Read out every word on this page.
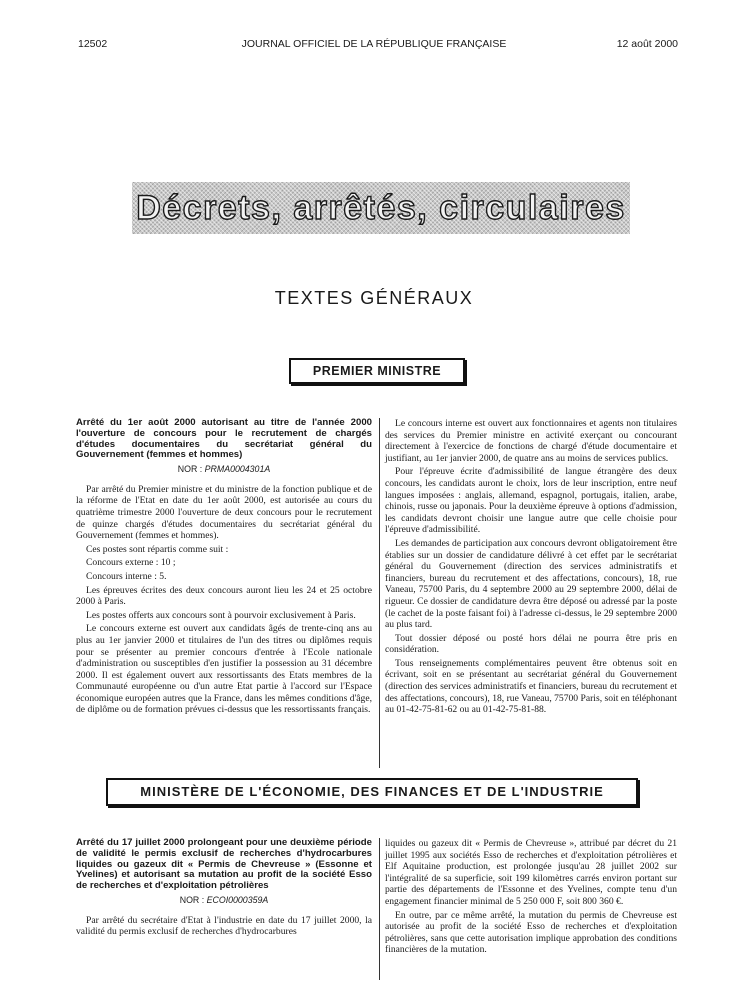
12502	JOURNAL OFFICIEL DE LA RÉPUBLIQUE FRANÇAISE	12 août 2000
Décrets, arrêtés, circulaires
TEXTES GÉNÉRAUX
PREMIER MINISTRE
Arrêté du 1er août 2000 autorisant au titre de l'année 2000 l'ouverture de concours pour le recrutement de chargés d'études documentaires du secrétariat général du Gouvernement (femmes et hommes)
NOR : PRMA0004301A

Par arrêté du Premier ministre et du ministre de la fonction publique et de la réforme de l'Etat en date du 1er août 2000, est autorisée au cours du quatrième trimestre 2000 l'ouverture de deux concours pour le recrutement de quinze chargés d'études documentaires du secrétariat général du Gouvernement (femmes et hommes).

Ces postes sont répartis comme suit :

Concours externe : 10 ;

Concours interne : 5.

Les épreuves écrites des deux concours auront lieu les 24 et 25 octobre 2000 à Paris.

Les postes offerts aux concours sont à pourvoir exclusivement à Paris.

Le concours externe est ouvert aux candidats âgés de trente-cinq ans au plus au 1er janvier 2000 et titulaires de l'un des titres ou diplômes requis pour se présenter au premier concours d'entrée à l'Ecole nationale d'administration ou susceptibles d'en justifier la possession au 31 décembre 2000. Il est également ouvert aux ressortissants des Etats membres de la Communauté européenne ou d'un autre Etat partie à l'accord sur l'Espace économique européen autres que la France, dans les mêmes conditions d'âge, de diplôme ou de formation prévues ci-dessus que les ressortissants français.

Le concours interne est ouvert aux fonctionnaires et agents non titulaires des services du Premier ministre en activité exerçant ou concourant directement à l'exercice de fonctions de chargé d'étude documentaire et justifiant, au 1er janvier 2000, de quatre ans au moins de services publics.

Pour l'épreuve écrite d'admissibilité de langue étrangère des deux concours, les candidats auront le choix, lors de leur inscription, entre neuf langues imposées : anglais, allemand, espagnol, portugais, italien, arabe, chinois, russe ou japonais. Pour la deuxième épreuve à options d'admission, les candidats devront choisir une langue autre que celle choisie pour l'épreuve d'admissibilité.

Les demandes de participation aux concours devront obligatoirement être établies sur un dossier de candidature délivré à cet effet par le secrétariat général du Gouvernement (direction des services administratifs et financiers, bureau du recrutement et des affectations, concours), 18, rue Vaneau, 75700 Paris, du 4 septembre 2000 au 29 septembre 2000, délai de rigueur. Ce dossier de candidature devra être déposé ou adressé par la poste (le cachet de la poste faisant foi) à l'adresse ci-dessus, le 29 septembre 2000 au plus tard.

Tout dossier déposé ou posté hors délai ne pourra être pris en considération.

Tous renseignements complémentaires peuvent être obtenus soit en écrivant, soit en se présentant au secrétariat général du Gouvernement (direction des services administratifs et financiers, bureau du recrutement et des affectations, concours), 18, rue Vaneau, 75700 Paris, soit en téléphonant au 01-42-75-81-62 ou au 01-42-75-81-88.

MINISTÈRE DE L'ÉCONOMIE, DES FINANCES ET DE L'INDUSTRIE
Arrêté du 17 juillet 2000 prolongeant pour une deuxième période de validité le permis exclusif de recherches d'hydrocarbures liquides ou gazeux dit « Permis de Chevreuse » (Essonne et Yvelines) et autorisant sa mutation au profit de la société Esso de recherches et d'exploitation pétrolières
NOR : ECOI0000359A

Par arrêté du secrétaire d'Etat à l'industrie en date du 17 juillet 2000, la validité du permis exclusif de recherches d'hydrocarbures

liquides ou gazeux dit « Permis de Chevreuse », attribué par décret du 21 juillet 1995 aux sociétés Esso de recherches et d'exploitation pétrolières et Elf Aquitaine production, est prolongée jusqu'au 28 juillet 2002 sur l'intégralité de sa superficie, soit 199 kilomètres carrés environ portant sur partie des départements de l'Essonne et des Yvelines, compte tenu d'un engagement financier minimal de 5 250 000 F, soit 800 360 €.

En outre, par ce même arrêté, la mutation du permis de Chevreuse est autorisée au profit de la société Esso de recherches et d'exploitation pétrolières, sans que cette autorisation implique approbation des conditions financières de la mutation.
